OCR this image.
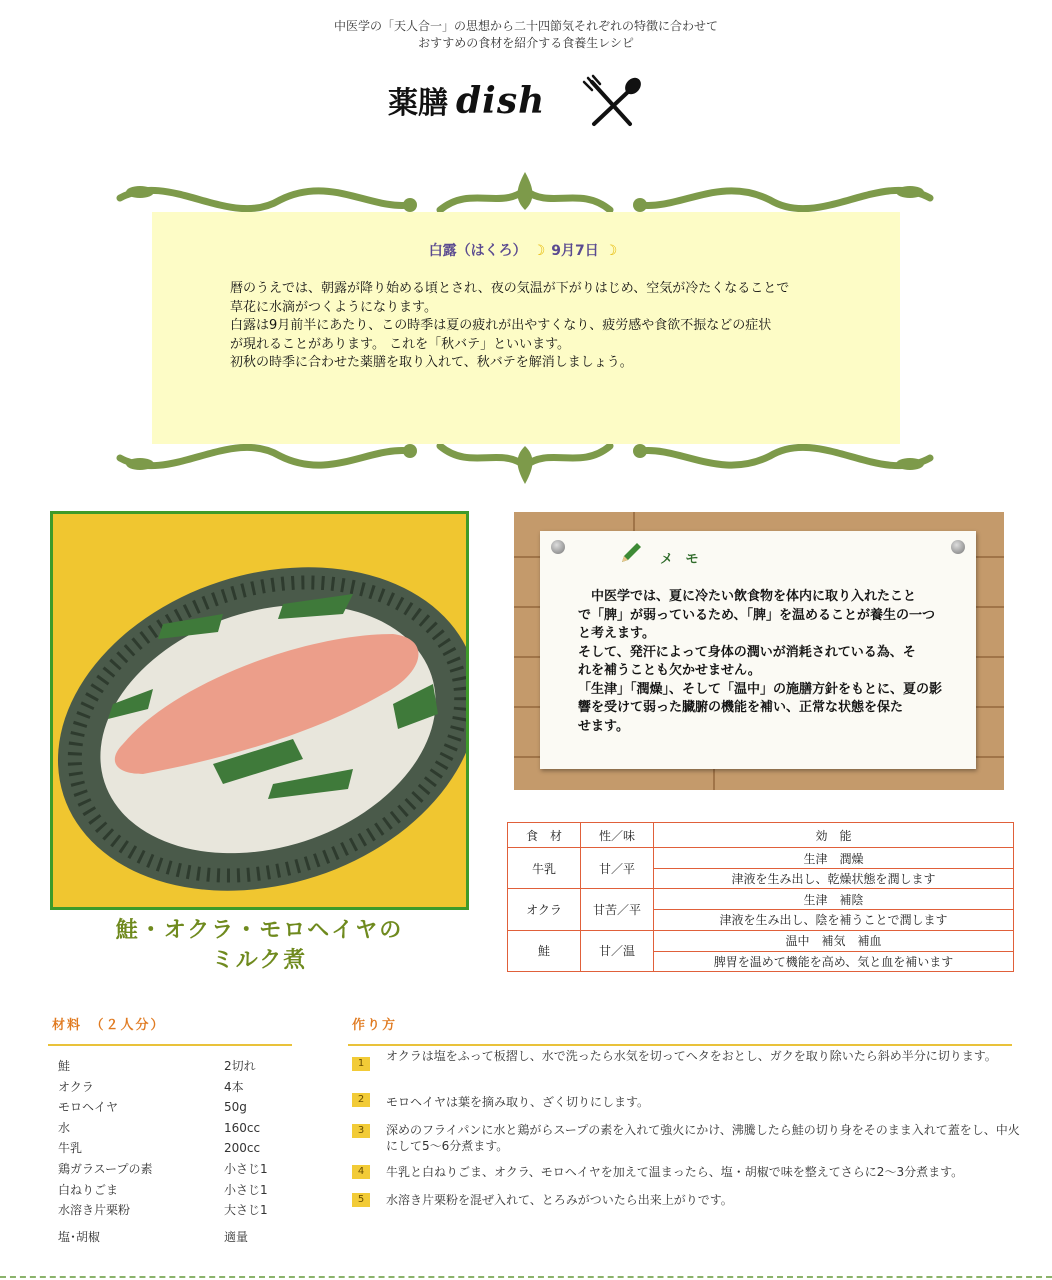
中医学の「天人合一」の思想から二十四節気それぞれの特徴に合わせて
おすすめの食材を紹介する食養生レシピ
薬膳 dish
白露（はくろ） ☽ 9月7日 ☽
暦のうえでは、朝露が降り始める頃とされ、夜の気温が下がりはじめ、空気が冷たくなることで
草花に水滴がつくようになります。
白露は9月前半にあたり、この時季は夏の疲れが出やすくなり、疲労感や食欲不振などの症状
が現れることがあります。 これを「秋バテ」といいます。
初秋の時季に合わせた薬膳を取り入れて、秋バテを解消しましょう。
鮭・オクラ・モロヘイヤの
ミルク煮
メ モ
　中医学では、夏に冷たい飲食物を体内に取り入れたこと
で「脾」が弱っているため、「脾」を温めることが養生の一つ
と考えます。
そして、発汗によって身体の潤いが消耗されている為、そ
れを補うことも欠かせません。
「生津」「潤燥」、そして「温中」の施膳方針をもとに、夏の影
響を受けて弱った臓腑の機能を補い、正常な状態を保た
せます。
食　材	性／味	効　能
牛乳	甘／平	生津　潤燥
		津液を生み出し、乾燥状態を潤します
オクラ	甘苦／平	生津　補陰
		津液を生み出し、陰を補うことで潤します
鮭	甘／温	温中　補気　補血
		脾胃を温めて機能を高め、気と血を補います
材料　（２人分）
鮭	2切れ
オクラ	4本
モロヘイヤ	50g
水	160cc
牛乳	200cc
鶏ガラスープの素	小さじ1
白ねりごま	小さじ1
水溶き片栗粉	大さじ1
塩･胡椒	適量
作り方
1
オクラは塩をふって板摺し、水で洗ったら水気を切ってヘタをおとし、ガクを取り除いたら斜め半分に切ります。
2	モロヘイヤは葉を摘み取り、ざく切りにします。
3	深めのフライパンに水と鶏がらスープの素を入れて強火にかけ、沸騰したら鮭の切り身をそのまま入れて蓋をし、中火にして5～6分煮ます。
4	牛乳と白ねりごま、オクラ、モロヘイヤを加えて温まったら、塩・胡椒で味を整えてさらに2～3分煮ます。
5	水溶き片栗粉を混ぜ入れて、とろみがついたら出来上がりです。
